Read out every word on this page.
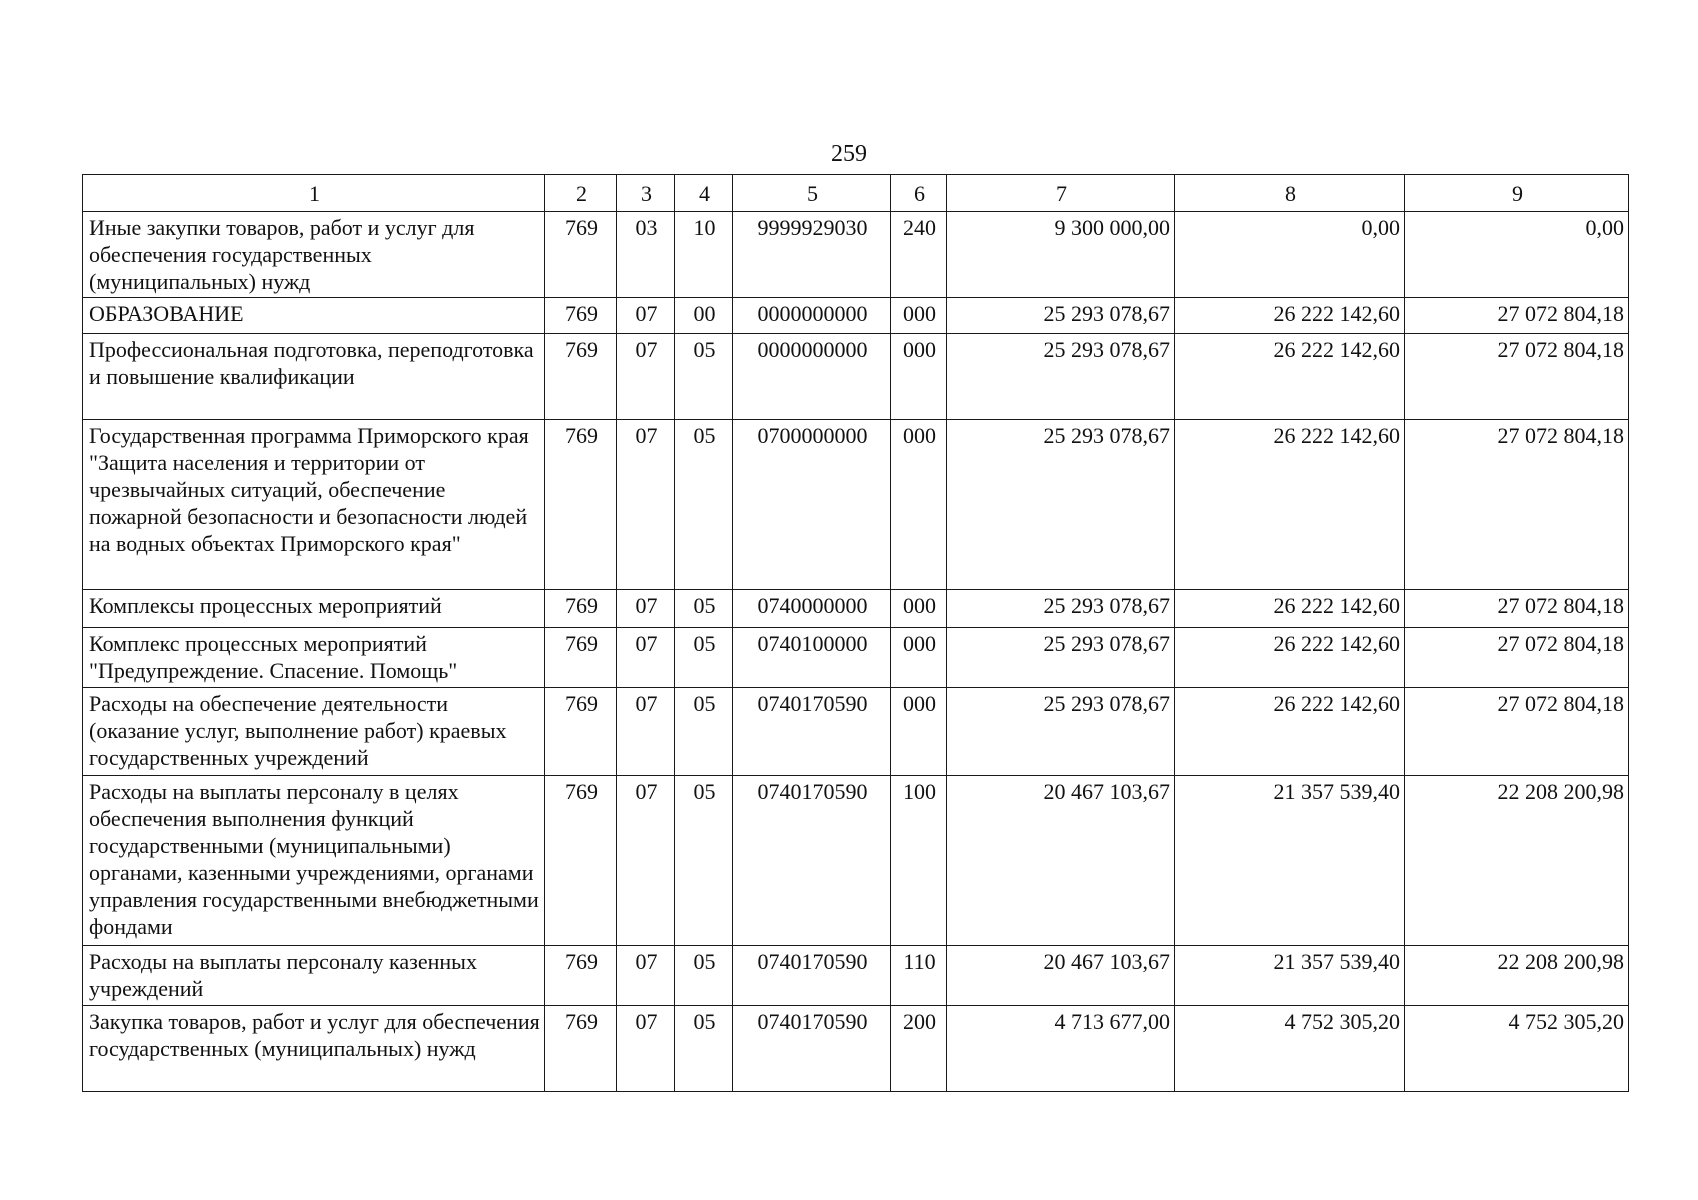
259
1	2	3	4	5	6	7	8	9
Иные закупки товаров, работ и услуг для обеспечения государственных (муниципальных) нужд	769	03	10	9999929030	240	9 300 000,00	0,00	0,00
ОБРАЗОВАНИЕ	769	07	00	0000000000	000	25 293 078,67	26 222 142,60	27 072 804,18
Профессиональная подготовка, переподготовка и повышение квалификации	769	07	05	0000000000	000	25 293 078,67	26 222 142,60	27 072 804,18
Государственная программа Приморского края "Защита населения и территории от чрезвычайных ситуаций, обеспечение пожарной безопасности и безопасности людей на водных объектах Приморского края"	769	07	05	0700000000	000	25 293 078,67	26 222 142,60	27 072 804,18
Комплексы процессных мероприятий	769	07	05	0740000000	000	25 293 078,67	26 222 142,60	27 072 804,18
Комплекс процессных мероприятий "Предупреждение. Спасение. Помощь"	769	07	05	0740100000	000	25 293 078,67	26 222 142,60	27 072 804,18
Расходы на обеспечение деятельности (оказание услуг, выполнение работ) краевых государственных учреждений	769	07	05	0740170590	000	25 293 078,67	26 222 142,60	27 072 804,18
Расходы на выплаты персоналу в целях обеспечения выполнения функций государственными (муниципальными) органами, казенными учреждениями, органами управления государственными внебюджетными фондами	769	07	05	0740170590	100	20 467 103,67	21 357 539,40	22 208 200,98
Расходы на выплаты персоналу казенных учреждений	769	07	05	0740170590	110	20 467 103,67	21 357 539,40	22 208 200,98
Закупка товаров, работ и услуг для обеспечения государственных (муниципальных) нужд	769	07	05	0740170590	200	4 713 677,00	4 752 305,20	4 752 305,20
